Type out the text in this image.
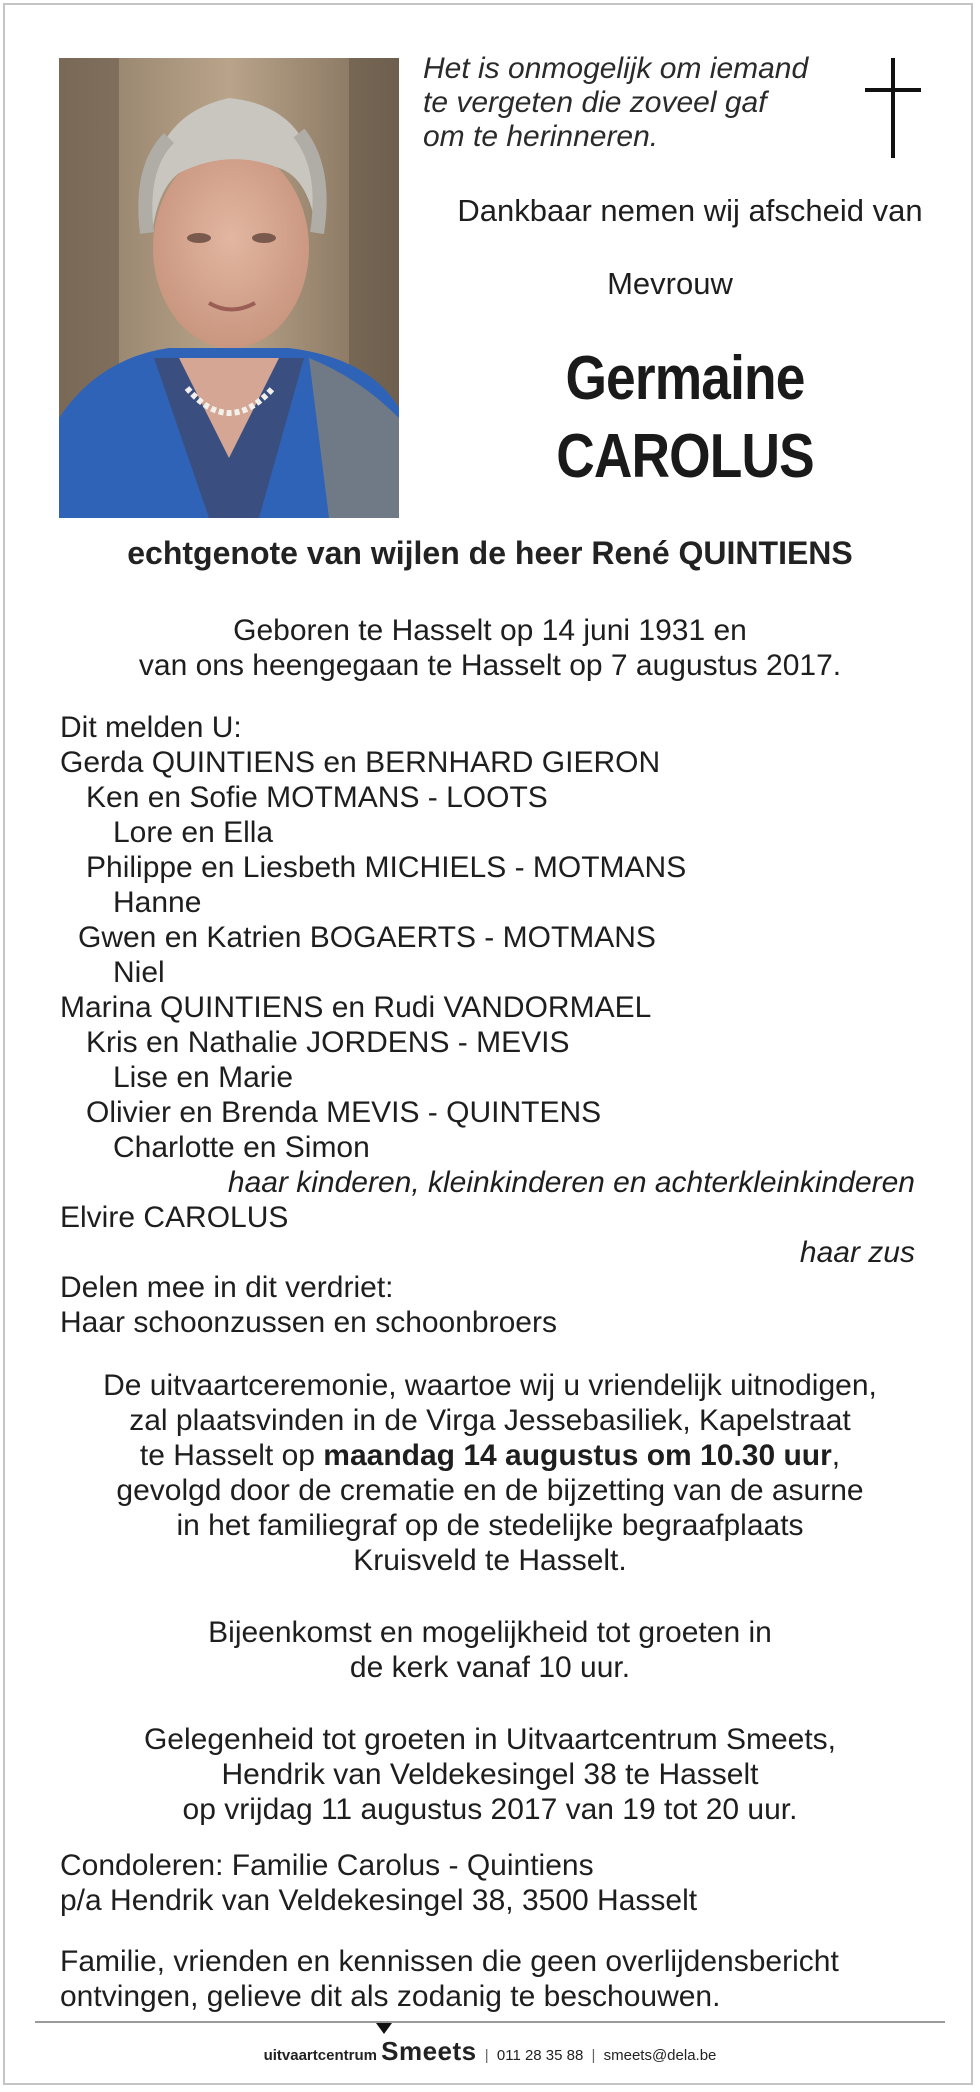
Het is onmogelijk om iemand
te vergeten die zoveel gaf
om te herinneren.
Dankbaar nemen wij afscheid van
Mevrouw
Germaine
CAROLUS
echtgenote van wijlen de heer René QUINTIENS
Geboren te Hasselt op 14 juni 1931 en
van ons heengegaan te Hasselt op 7 augustus 2017.
Dit melden U:
Gerda QUINTIENS en BERNHARD GIERON
Ken en Sofie MOTMANS - LOOTS
Lore en Ella
Philippe en Liesbeth MICHIELS - MOTMANS
Hanne
Gwen en Katrien BOGAERTS - MOTMANS
Niel
Marina QUINTIENS en Rudi VANDORMAEL
Kris en Nathalie JORDENS - MEVIS
Lise en Marie
Olivier en Brenda MEVIS - QUINTENS
Charlotte en Simon
haar kinderen, kleinkinderen en achterkleinkinderen
Elvire CAROLUS
haar zus
Delen mee in dit verdriet:
Haar schoonzussen en schoonbroers
De uitvaartceremonie, waartoe wij u vriendelijk uitnodigen,
zal plaatsvinden in de Virga Jessebasiliek, Kapelstraat
te Hasselt op maandag 14 augustus om 10.30 uur,
gevolgd door de crematie en de bijzetting van de asurne
in het familiegraf op de stedelijke begraafplaats
Kruisveld te Hasselt.
Bijeenkomst en mogelijkheid tot groeten in
de kerk vanaf 10 uur.
Gelegenheid tot groeten in Uitvaartcentrum Smeets,
Hendrik van Veldekesingel 38 te Hasselt
op vrijdag 11 augustus 2017 van 19 tot 20 uur.
Condoleren: Familie Carolus - Quintiens
p/a Hendrik van Veldekesingel 38, 3500 Hasselt
Familie, vrienden en kennissen die geen overlijdensbericht
ontvingen, gelieve dit als zodanig te beschouwen.
uitvaartcentrum Smeets | 011 28 35 88 | smeets@dela.be
